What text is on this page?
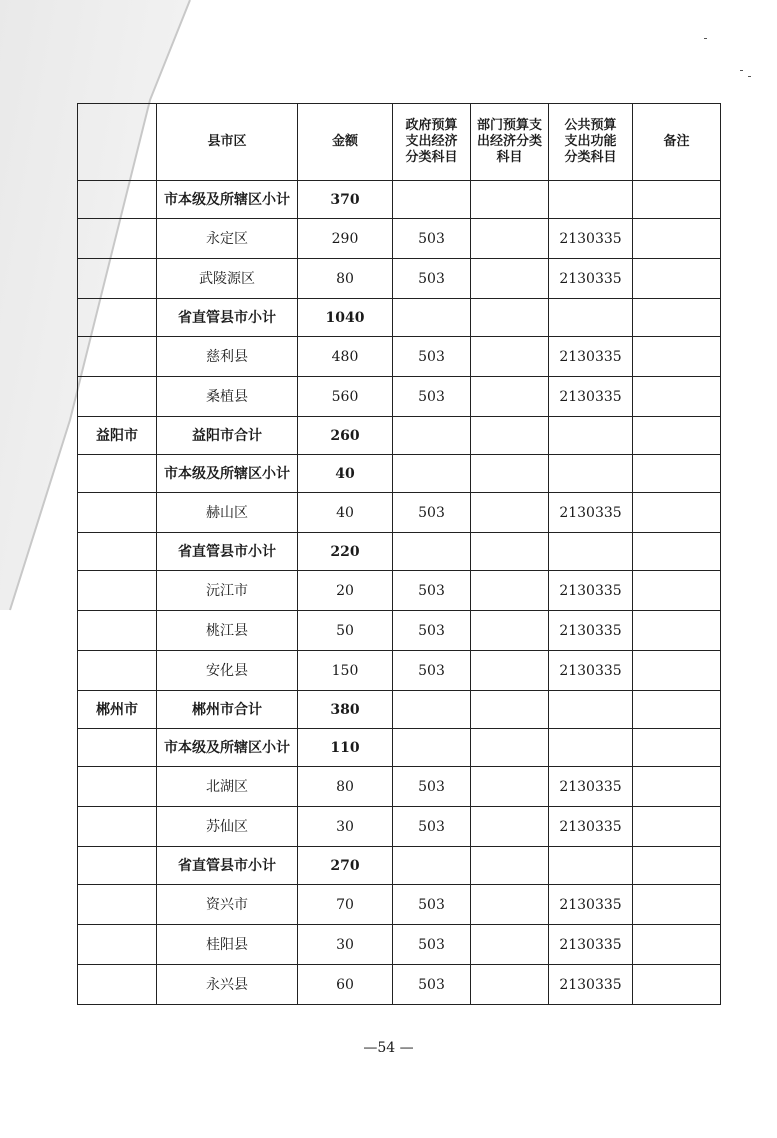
	县市区	金额	政府预算
支出经济
分类科目	部门预算支
出经济分类
科目	公共预算
支出功能
分类科目	备注
	市本级及所辖区小计	370				
	永定区	290	503		2130335	
	武陵源区	80	503		2130335	
	省直管县市小计	1040				
	慈利县	480	503		2130335	
	桑植县	560	503		2130335	
益阳市	益阳市合计	260				
	市本级及所辖区小计	40				
	赫山区	40	503		2130335	
	省直管县市小计	220				
	沅江市	20	503		2130335	
	桃江县	50	503		2130335	
	安化县	150	503		2130335	
郴州市	郴州市合计	380				
	市本级及所辖区小计	110				
	北湖区	80	503		2130335	
	苏仙区	30	503		2130335	
	省直管县市小计	270				
	资兴市	70	503		2130335	
	桂阳县	30	503		2130335	
	永兴县	60	503		2130335	
—54 —
